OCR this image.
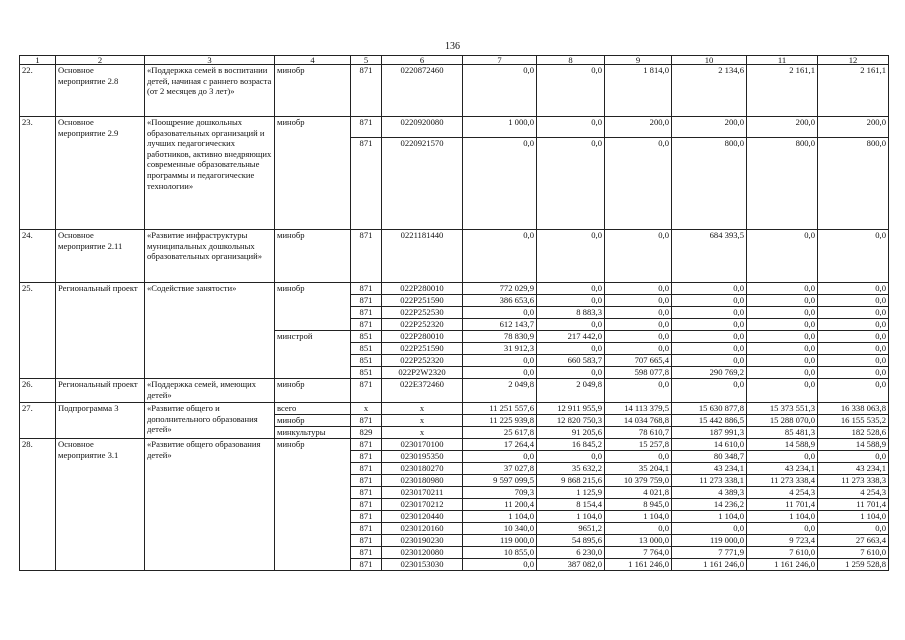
136
1	2	3	4	5	6	7	8	9	10	11	12
22.	Основное мероприятие 2.8	«Поддержка семей в воспитании детей, начиная с раннего возраста (от 2 месяцев до 3 лет)»	минобр	871	0220872460	0,0	0,0	1 814,0	2 134,6	2 161,1	2 161,1
23.	Основное мероприятие 2.9	«Поощрение дошкольных образовательных организаций и лучших педагогических работников, активно внедряющих современные образовательные программы и педагогические технологии»	минобр	871	0220920080	1 000,0	0,0	200,0	200,0	200,0	200,0
				871	0220921570	0,0	0,0	0,0	800,0	800,0	800,0
24.	Основное мероприятие 2.11	«Развитие инфраструктуры муниципальных дошкольных образовательных организаций»	минобр	871	0221181440	0,0	0,0	0,0	684 393,5	0,0	0,0
25.	Региональный проект	«Содействие занятости»	минобр	871	022P280010	772 029,9	0,0	0,0	0,0	0,0	0,0
				871	022P251590	386 653,6	0,0	0,0	0,0	0,0	0,0
				871	022P252530	0,0	8 883,3	0,0	0,0	0,0	0,0
				871	022P252320	612 143,7	0,0	0,0	0,0	0,0	0,0
			минстрой	851	022P280010	78 830,9	217 442,0	0,0	0,0	0,0	0,0
				851	022P251590	31 912,3	0,0	0,0	0,0	0,0	0,0
				851	022P252320	0,0	660 583,7	707 665,4	0,0	0,0	0,0
				851	022P2W2320	0,0	0,0	598 077,8	290 769,2	0,0	0,0
26.	Региональный проект	«Поддержка семей, имеющих детей»	минобр	871	022E372460	2 049,8	2 049,8	0,0	0,0	0,0	0,0
27.	Подпрограмма 3	«Развитие общего и дополнительного образования детей»	всего	x	x	11 251 557,6	12 911 955,9	14 113 379,5	15 630 877,8	15 373 551,3	16 338 063,8
			минобр	871	x	11 225 939,8	12 820 750,3	14 034 768,8	15 442 886,5	15 288 070,0	16 155 535,2
			минкультуры	829	x	25 617,8	91 205,6	78 610,7	187 991,3	85 481,3	182 528,6
28.	Основное мероприятие 3.1	«Развитие общего образования детей»	минобр	871	0230170100	17 264,4	16 845,2	15 257,8	14 610,0	14 588,9	14 588,9
				871	0230195350	0,0	0,0	0,0	80 348,7	0,0	0,0
				871	0230180270	37 027,8	35 632,2	35 204,1	43 234,1	43 234,1	43 234,1
				871	0230180980	9 597 099,5	9 868 215,6	10 379 759,0	11 273 338,1	11 273 338,4	11 273 338,3
				871	0230170211	709,3	1 125,9	4 021,8	4 389,3	4 254,3	4 254,3
				871	0230170212	11 200,4	8 154,4	8 945,0	14 236,2	11 701,4	11 701,4
				871	0230120440	1 104,0	1 104,0	1 104,0	1 104,0	1 104,0	1 104,0
				871	0230120160	10 340,0	9651,2	0,0	0,0	0,0	0,0
				871	0230190230	119 000,0	54 895,6	13 000,0	119 000,0	9 723,4	27 663,4
				871	0230120080	10 855,0	6 230,0	7 764,0	7 771,9	7 610,0	7 610,0
				871	0230153030	0,0	387 082,0	1 161 246,0	1 161 246,0	1 161 246,0	1 259 528,8
